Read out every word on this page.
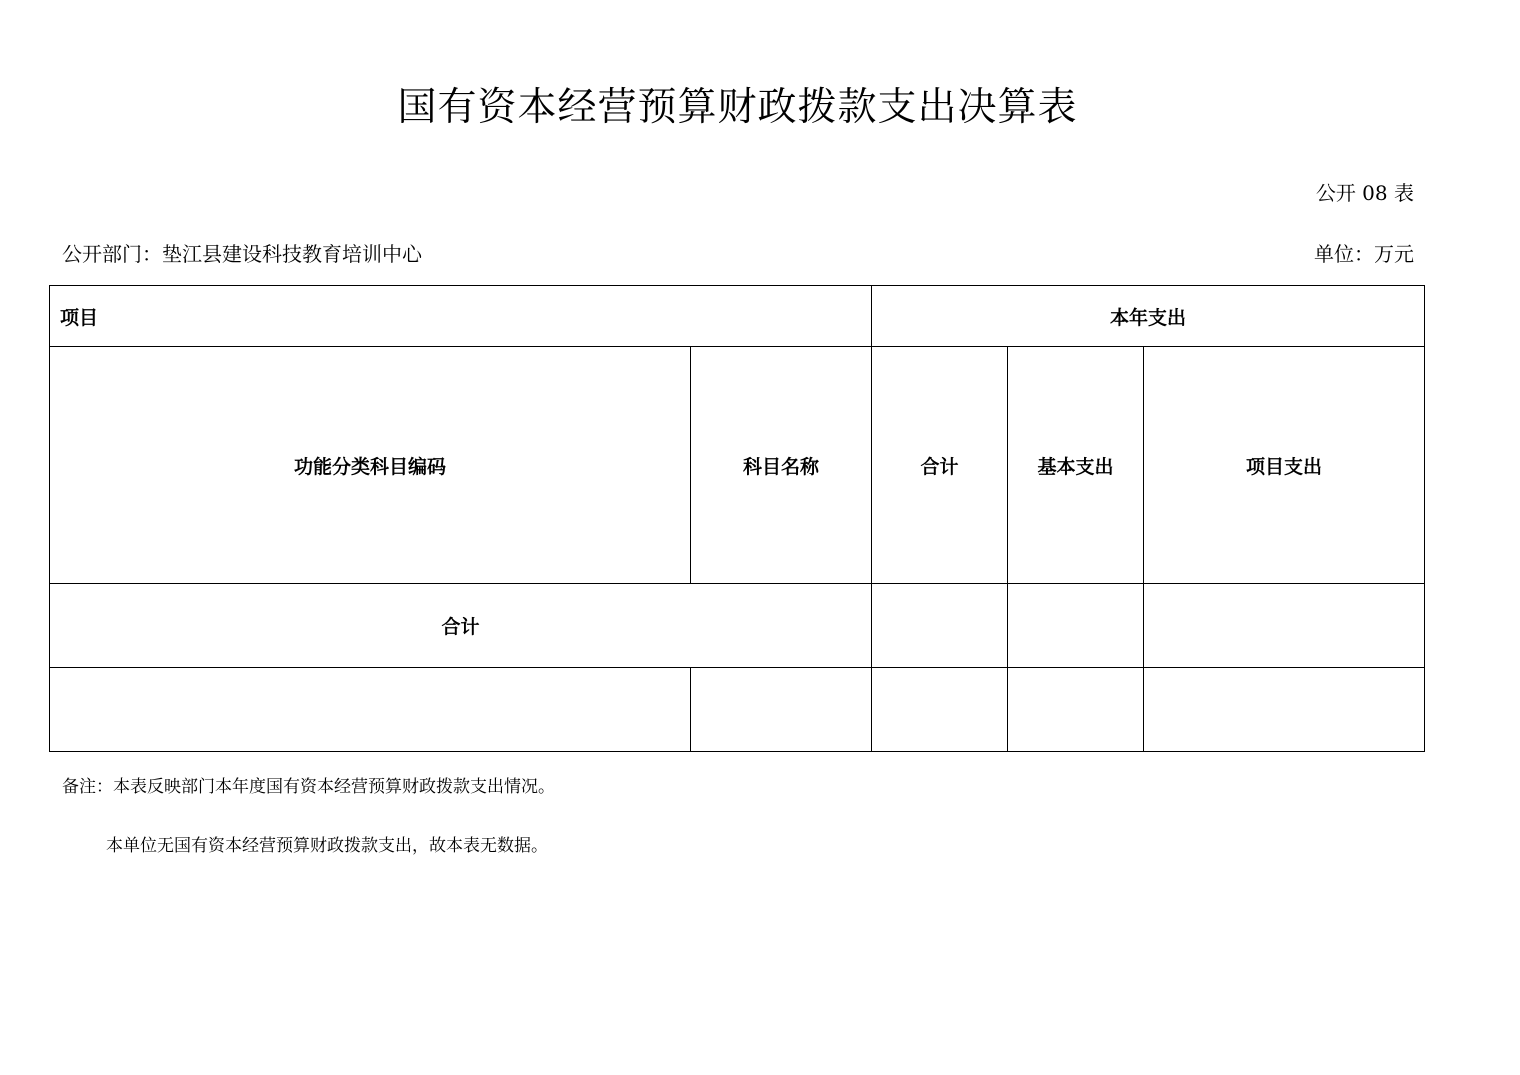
国有资本经营预算财政拨款支出决算表
公开 08 表
公开部门：垫江县建设科技教育培训中心	单位：万元
项目		本年支出		
功能分类科目编码	科目名称	合计	基本支出	项目支出
合计				

备注：本表反映部门本年度国有资本经营预算财政拨款支出情况。
本单位无国有资本经营预算财政拨款支出，故本表无数据。
